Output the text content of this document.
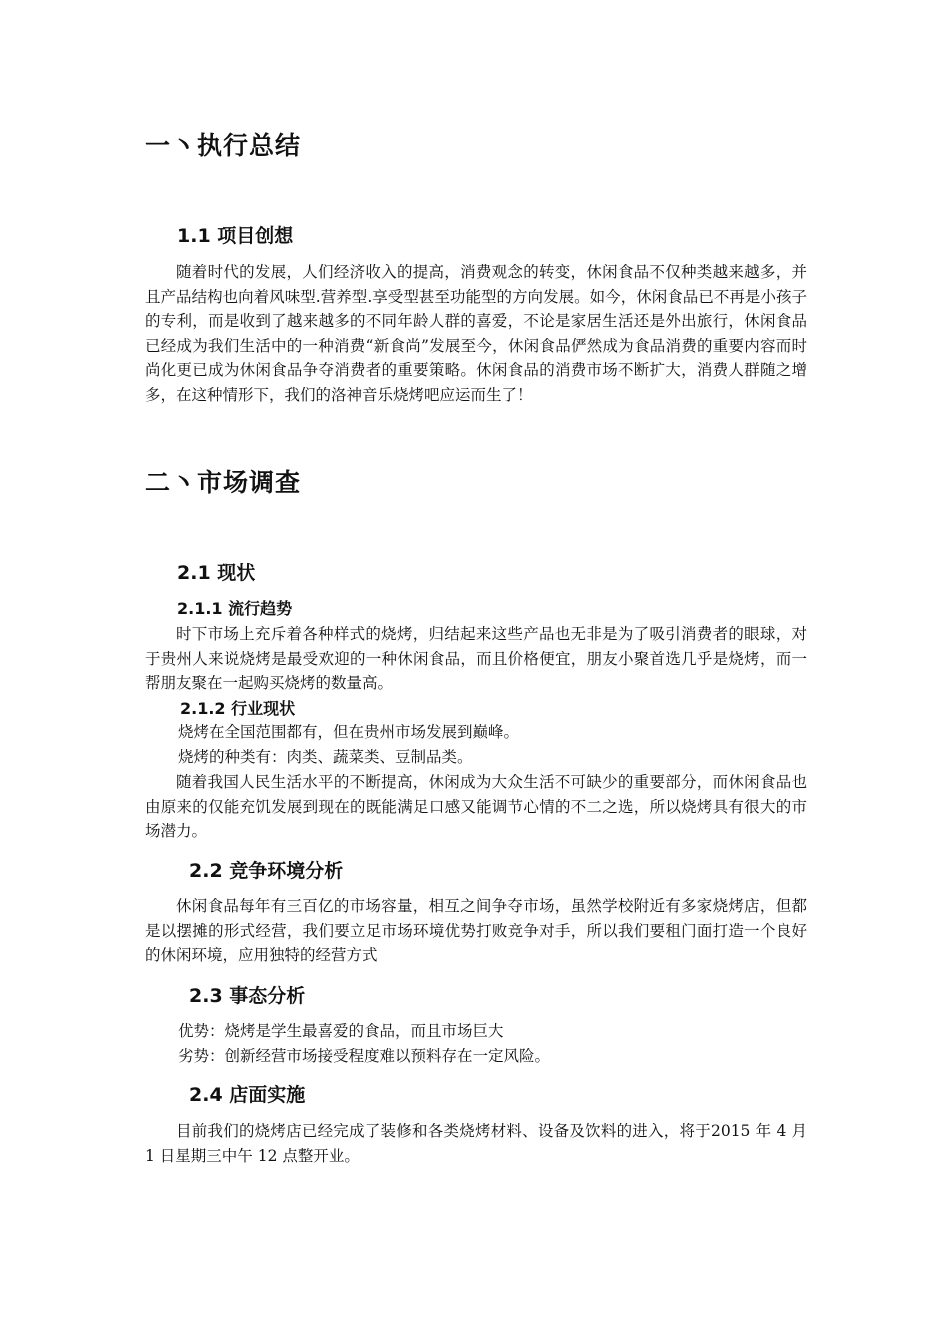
一丶执行总结
1.1 项目创想

随着时代的发展，人们经济收入的提高，消费观念的转变，休闲食品不仅种类越来越多，并且产品结构也向着风味型.营养型.享受型甚至功能型的方向发展。如今，休闲食品已不再是小孩子的专利，而是收到了越来越多的不同年龄人群的喜爱，不论是家居生活还是外出旅行，休闲食品已经成为我们生活中的一种消费“新食尚”发展至今，休闲食品俨然成为食品消费的重要内容而时尚化更已成为休闲食品争夺消费者的重要策略。休闲食品的消费市场不断扩大，消费人群随之增多，在这种情形下，我们的洛神音乐烧烤吧应运而生了！

二丶市场调查
2.1 现状
2.1.1 流行趋势

时下市场上充斥着各种样式的烧烤，归结起来这些产品也无非是为了吸引消费者的眼球，对于贵州人来说烧烤是最受欢迎的一种休闲食品，而且价格便宜，朋友小聚首选几乎是烧烤，而一帮朋友聚在一起购买烧烤的数量高。

2.1.2 行业现状

烧烤在全国范围都有，但在贵州市场发展到巅峰。

烧烤的种类有：肉类、蔬菜类、豆制品类。

随着我国人民生活水平的不断提高，休闲成为大众生活不可缺少的重要部分，而休闲食品也由原来的仅能充饥发展到现在的既能满足口感又能调节心情的不二之选，所以烧烤具有很大的市场潜力。

2.2 竞争环境分析

休闲食品每年有三百亿的市场容量，相互之间争夺市场，虽然学校附近有多家烧烤店，但都是以摆摊的形式经营，我们要立足市场环境优势打败竞争对手，所以我们要租门面打造一个良好的休闲环境，应用独特的经营方式

2.3 事态分析

优势：烧烤是学生最喜爱的食品，而且市场巨大

劣势：创新经营市场接受程度难以预料存在一定风险。

2.4 店面实施

目前我们的烧烤店已经完成了装修和各类烧烤材料、设备及饮料的进入，将于2015 年 4 月 1 日星期三中午 12 点整开业。
